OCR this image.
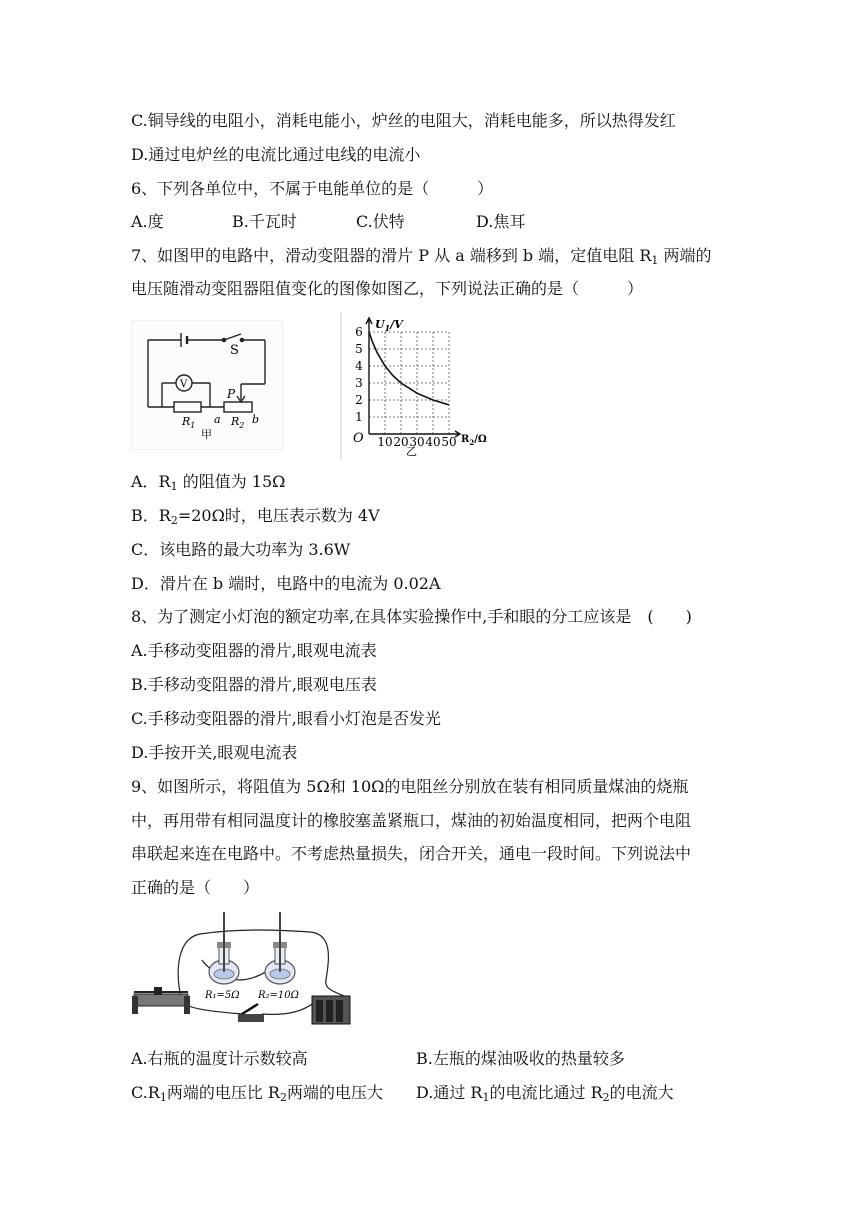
C.铜导线的电阻小，消耗电能小，炉丝的电阻大，消耗电能多，所以热得发红
D.通过电炉丝的电流比通过电线的电流小
6、下列各单位中，不属于电能单位的是（　　　）
A.度	B.千瓦时	C.伏特	D.焦耳
7、如图甲的电路中，滑动变阻器的滑片 P 从 a 端移到 b 端，定值电阻 $R_1$ 两端的
电压随滑动变阻器阻值变化的图像如图乙，下列说法正确的是（　　　）
S
V
P
$R_1$ a $R_2$ b
甲
10 20 30 40 50
1
2
3
4
5
6
$U_1/V$
$R_2/\Omega$
O
乙
A．$R_1$ 的阻值为 15Ω
B．$R_2=20\Omega$时，电压表示数为 4V
C．该电路的最大功率为 3.6W
D．滑片在 b 端时，电路中的电流为 0.02A
8、为了测定小灯泡的额定功率,在具体实验操作中,手和眼的分工应该是　(　　)
A.手移动变阻器的滑片,眼观电流表
B.手移动变阻器的滑片,眼观电压表
C.手移动变阻器的滑片,眼看小灯泡是否发光
D.手按开关,眼观电流表
9、如图所示，将阻值为 5Ω和 10Ω的电阻丝分别放在装有相同质量煤油的烧瓶
中，再用带有相同温度计的橡胶塞盖紧瓶口，煤油的初始温度相同，把两个电阻
串联起来连在电路中。不考虑热量损失，闭合开关，通电一段时间。下列说法中
正确的是（　　）
R₁=5Ω R₂=10Ω
A.右瓶的温度计示数较高	B.左瓶的煤油吸收的热量较多
$C.R_1$两端的电压比 $R_2$两端的电压大 D.通过 $R_1$的电流比通过 $R_2$的电流大
